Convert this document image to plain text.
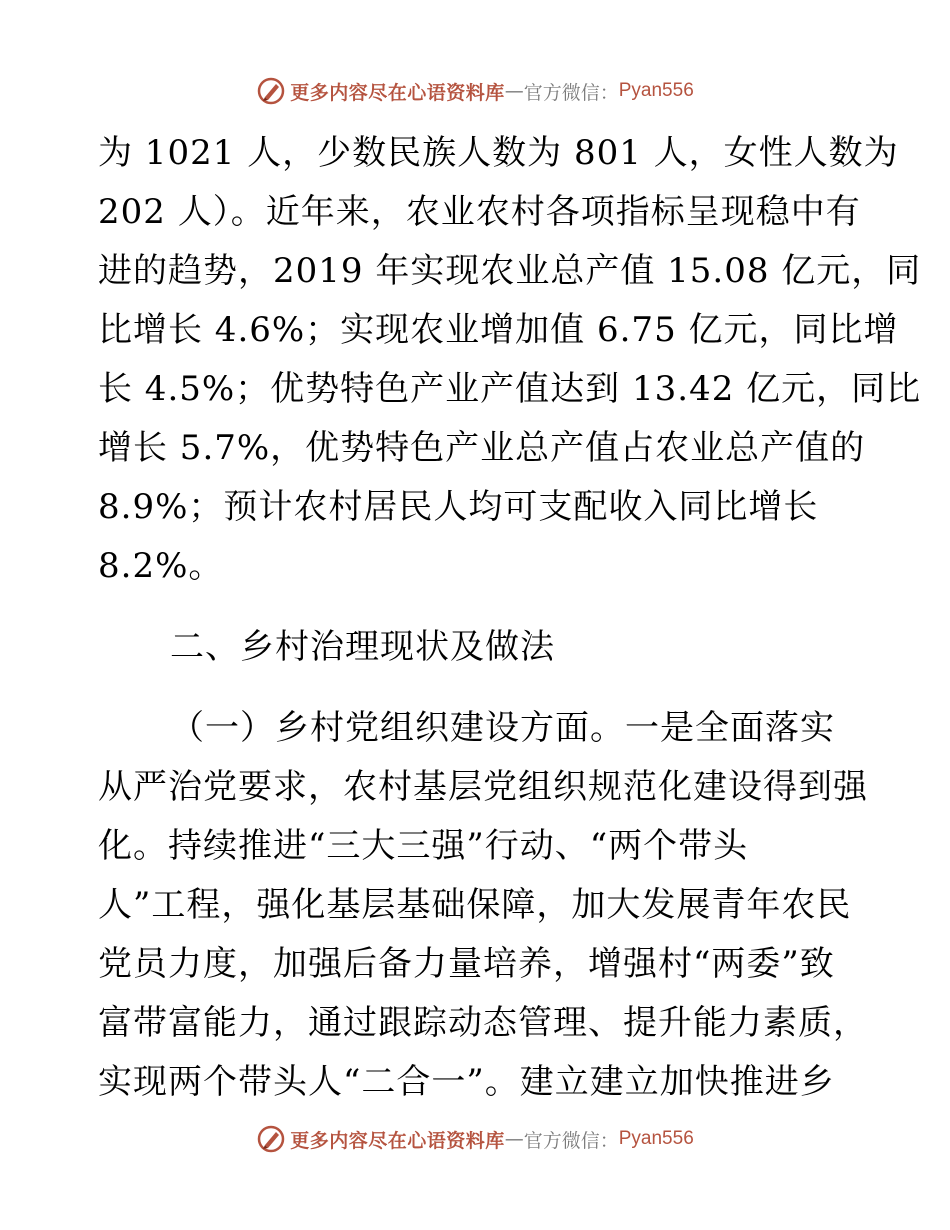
更多内容尽在心语资料库 — 官方微信： Pyan556
为 1021 人，少数民族人数为 801 人，女性人数为
202 人）。近年来，农业农村各项指标呈现稳中有
进的趋势，2019 年实现农业总产值 15.08 亿元，同
比增长 4.6%；实现农业增加值 6.75 亿元，同比增
长 4.5%；优势特色产业产值达到 13.42 亿元，同比
增长 5.7%，优势特色产业总产值占农业总产值的
8.9%；预计农村居民人均可支配收入同比增长
8.2%。
二、乡村治理现状及做法
（一）乡村党组织建设方面。一是全面落实
从严治党要求，农村基层党组织规范化建设得到强
化。持续推进“三大三强”行动、“两个带头
人”工程，强化基层基础保障，加大发展青年农民
党员力度，加强后备力量培养，增强村“两委”致
富带富能力，通过跟踪动态管理、提升能力素质，
实现两个带头人“二合一”。建立建立加快推进乡
更多内容尽在心语资料库 — 官方微信： Pyan556
